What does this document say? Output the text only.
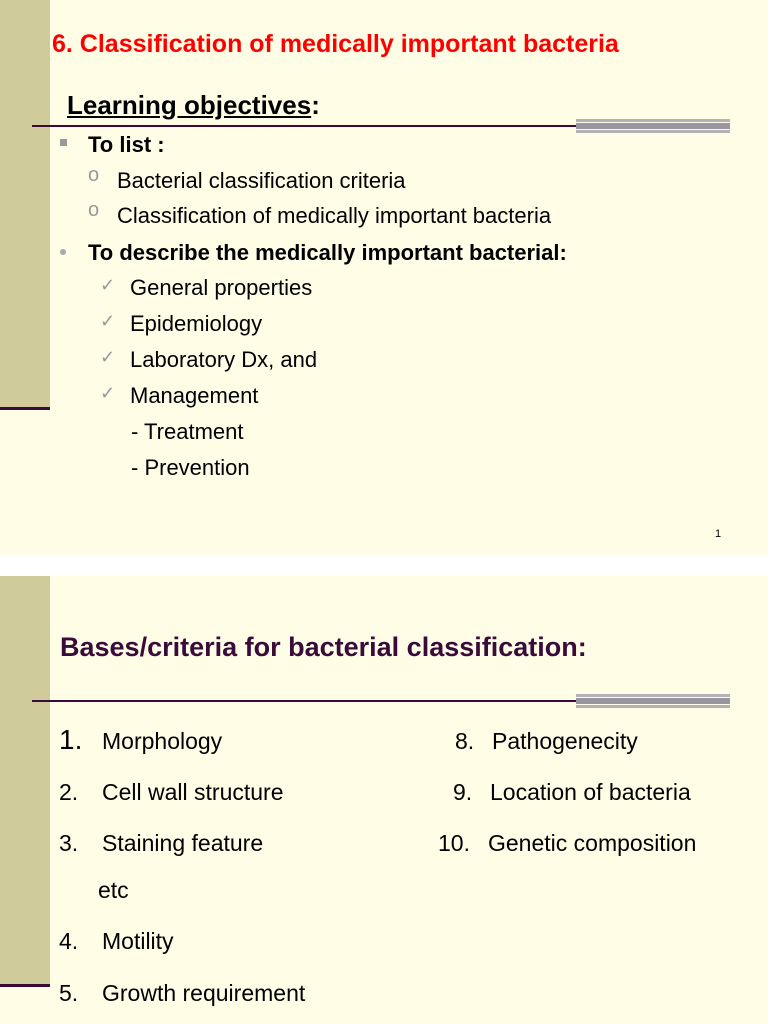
6. Classification of medically important bacteria
Learning objectives:
To list :
o Bacterial classification criteria
o Classification of medically important bacteria
To describe the medically important bacterial:
✓ General properties
✓ Epidemiology
✓ Laboratory Dx, and
✓ Management
- Treatment
- Prevention
1
Bases/criteria for bacterial classification:
1. Morphology
2. Cell wall structure
3. Staining feature
etc
4. Motility
5. Growth requirement
8. Pathogenecity
9. Location of bacteria
10. Genetic composition
